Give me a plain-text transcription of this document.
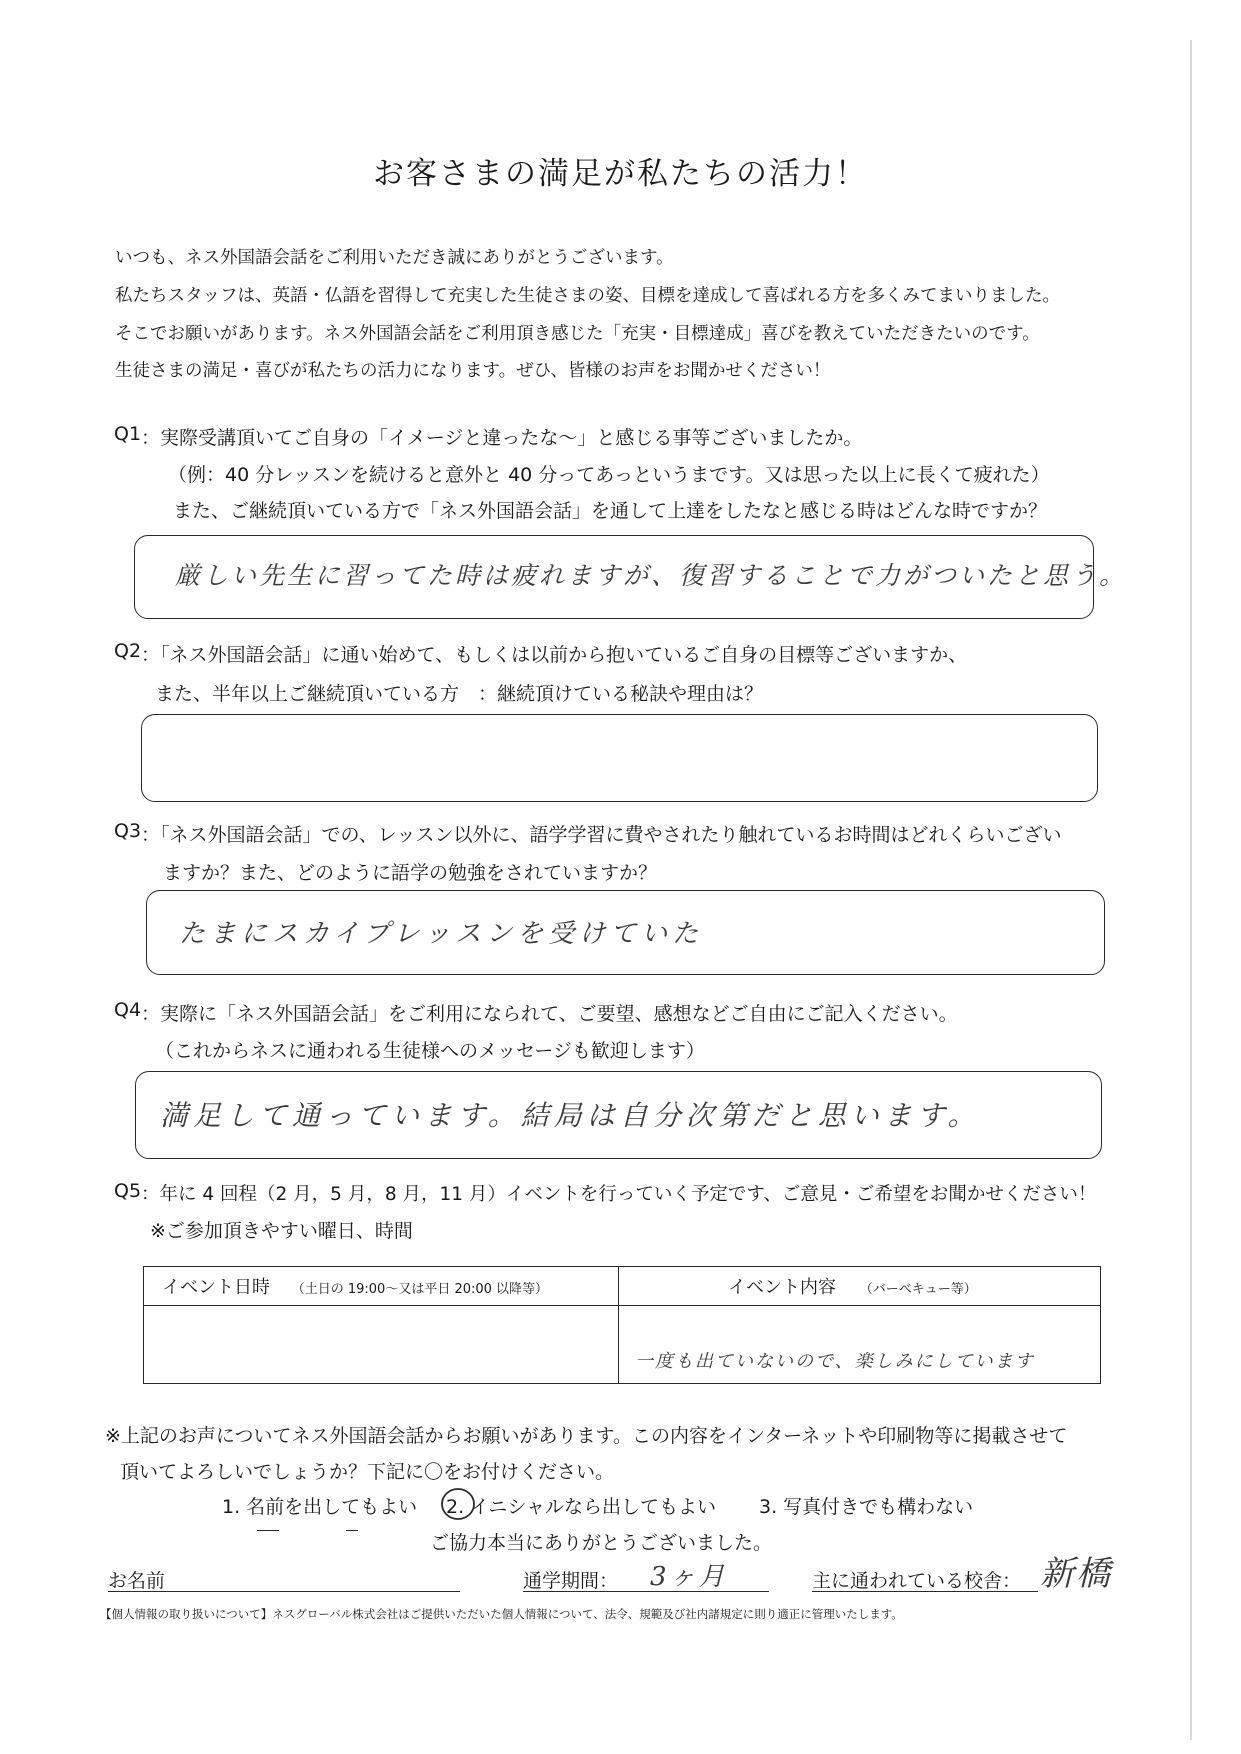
お客さまの満足が私たちの活力！
いつも、ネス外国語会話をご利用いただき誠にありがとうございます。
私たちスタッフは、英語・仏語を習得して充実した生徒さまの姿、目標を達成して喜ばれる方を多くみてまいりました。
そこでお願いがあります。ネス外国語会話をご利用頂き感じた「充実・目標達成」喜びを教えていただきたいのです。
生徒さまの満足・喜びが私たちの活力になります。ぜひ、皆様のお声をお聞かせください！
Q1 ：実際受講頂いてご自身の「イメージと違ったな～」と感じる事等ございましたか。
（例：40 分レッスンを続けると意外と 40 分ってあっというまです。又は思った以上に長くて疲れた）
また、ご継続頂いている方で「ネス外国語会話」を通して上達をしたなと感じる時はどんな時ですか？
厳しい先生に習ってた時は疲れますが、復習することで力がついたと思う。
Q2 ：「ネス外国語会話」に通い始めて、もしくは以前から抱いているご自身の目標等ございますか、
また、半年以上ご継続頂いている方　：継続頂けている秘訣や理由は？
Q3 ：「ネス外国語会話」での、レッスン以外に、語学学習に費やされたり触れているお時間はどれくらいござい
ますか？また、どのように語学の勉強をされていますか？
たまにスカイプレッスンを受けていた
Q4 ：実際に「ネス外国語会話」をご利用になられて、ご要望、感想などご自由にご記入ください。
（これからネスに通われる生徒様へのメッセージも歓迎します）
満足して通っています。結局は自分次第だと思います。
Q5 ：年に 4 回程（2 月，5 月，8 月，11 月）イベントを行っていく予定です、ご意見・ご希望をお聞かせください！
※ご参加頂きやすい曜日、時間
イベント日時 （土日の 19:00～又は平日 20:00 以降等）	イベント内容 （バーベキュー等）
	一度も出ていないので、楽しみにしています
※上記のお声についてネス外国語会話からお願いがあります。この内容をインターネットや印刷物等に掲載させて
頂いてよろしいでしょうか？下記に〇をお付けください。
1. 名前を出してもよい 2. イニシャルなら出してもよい 3. 写真付きでも構わない
ご協力本当にありがとうございました。
お名前	通学期間： 3ヶ月	主に通われている校舎： 新橋
【個人情報の取り扱いについて】ネスグローバル株式会社はご提供いただいた個人情報について、法令、規範及び社内諸規定に則り適正に管理いたします。
